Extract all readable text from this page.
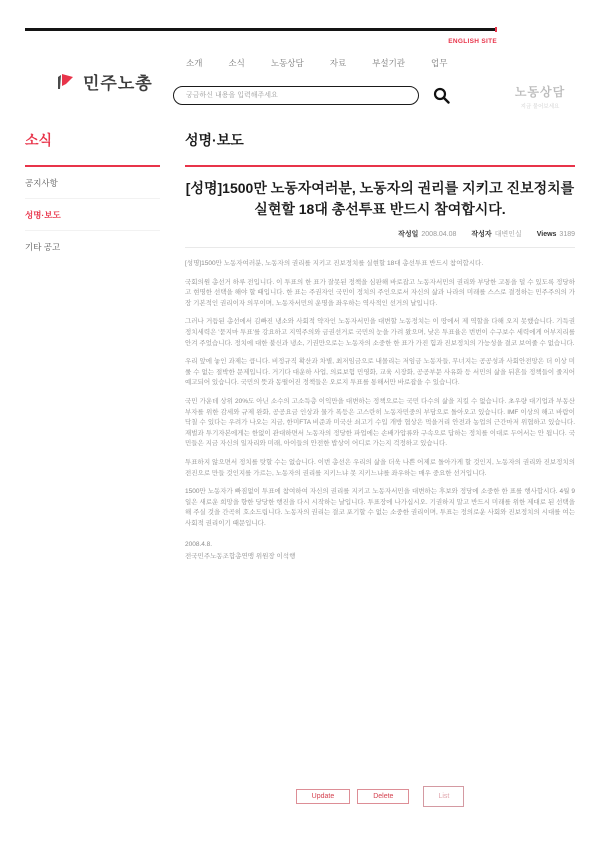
ENGLISH SITE
민주노총
소개	소식	노동상담	자료	부설기관	업무
궁금하신 내용을 입력해주세요
노동상담
지금 물어보세요
소식
공지사항
성명·보도
기타 공고
성명·보도
[성명]1500만 노동자여러분, 노동자의 권리를 지키고 진보정치를 실현할 18대 총선투표 반드시 참여합시다.
작성일 2008.04.08 작성자 대변인실 Views 3189

[성명]1500만 노동자여러분, 노동자의 권리를 지키고 진보정치를 실현할 18대 총선투표 반드시 참여합시다.

국회의원 총선거 하루 전입니다. 이 투표의 한 표가 잘못된 정책을 심판해 바로잡고 노동자서민의 권리와 부당한 고통을 덜 수 있도록 정당하고 현명한 선택을 해야 할 때입니다. 한 표는 주권자인 국민이 정치의 주인으로서 자신의 삶과 나라의 미래를 스스로 결정하는 민주주의의 가장 기본적인 권리이자 의무이며, 노동자서민의 운명을 좌우하는 역사적인 선거의 날입니다.

그러나 거듭된 총선에서 김빠진 냉소와 사회적 약자인 노동자서민을 대변할 노동정치는 이 땅에서 제 역할을 다해 오지 못했습니다. 기득권 정치세력은 '묻지마 투표'를 강요하고 지역주의와 금권선거로 국민의 눈을 가려 왔으며, 낮은 투표율은 번번이 수구보수 세력에게 어부지리를 안겨 주었습니다. 정치에 대한 불신과 냉소, 기권만으로는 노동자의 소중한 한 표가 가진 힘과 진보정치의 가능성을 결코 보여줄 수 없습니다.

우리 앞에 놓인 과제는 큽니다. 비정규직 확산과 차별, 최저임금으로 내몰리는 저임금 노동자들, 무너지는 공공성과 사회안전망은 더 이상 미룰 수 없는 절박한 문제입니다. 거기다 대운하 사업, 의료보험 민영화, 교육 시장화, 공공부문 사유화 등 서민의 삶을 뒤흔들 정책들이 줄지어 예고되어 있습니다. 국민의 뜻과 동떨어진 정책들은 오로지 투표를 통해서만 바로잡을 수 있습니다.

국민 가운데 상위 20%도 아닌 소수의 고소득층 이익만을 대변하는 정책으로는 국민 다수의 삶을 지킬 수 없습니다. 초우량 대기업과 부동산 부자를 위한 감세와 규제 완화, 공공요금 인상과 물가 폭등은 고스란히 노동자민중의 부담으로 돌아오고 있습니다. IMF 이상의 해고 바람이 닥칠 수 있다는 우려가 나오는 지금, 한미FTA 비준과 미국산 쇠고기 수입 개방 협상은 먹을거리 안전과 농업의 근간마저 위협하고 있습니다. 재벌과 투기자본에게는 한없이 관대하면서 노동자의 정당한 파업에는 손배가압류와 구속으로 답하는 정치를 이대로 두어서는 안 됩니다. 국민들은 지금 자신의 일자리와 미래, 아이들의 안전한 밥상이 어디로 가는지 걱정하고 있습니다.

투표하지 않으면서 정치를 탓할 수는 없습니다. 이번 총선은 우리의 삶을 더욱 나쁜 어제로 돌아가게 할 것인지, 노동자의 권리와 진보정치의 전진으로 만들 것인지를 가르는, 노동자의 권리를 지키느냐 못 지키느냐를 좌우하는 매우 중요한 선거입니다.

1500만 노동자가 빠짐없이 투표에 참여하여 자신의 권리를 지키고 노동자서민을 대변하는 후보와 정당에 소중한 한 표를 행사합시다. 4월 9일은 새로운 희망을 향한 당당한 행진을 다시 시작하는 날입니다. 투표장에 나가십시오. 기권하지 말고 반드시 미래를 위한 제대로 된 선택을 해 주실 것을 간곡히 호소드립니다. 노동자의 권리는 결코 포기할 수 없는 소중한 권리이며, 투표는 정의로운 사회와 진보정치의 시대를 여는 사회적 권리이기 때문입니다.

2008.4.8.
전국민주노동조합총연맹 위원장 이석행
Update	Delete	List
